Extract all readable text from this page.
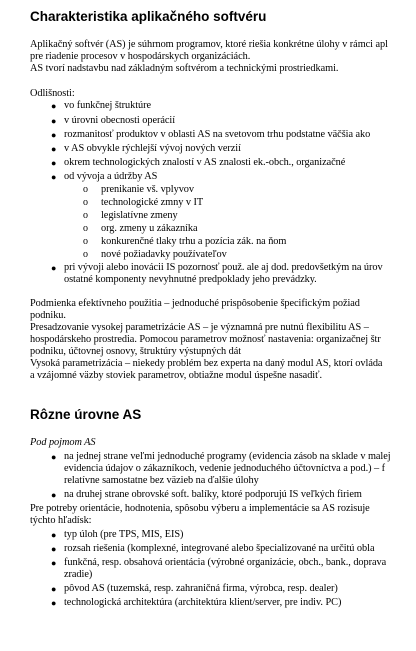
Charakteristika aplikačného softvéru
Aplikačný softvér (AS) je súhrnom programov, ktoré riešia konkrétne úlohy v rámci apl
pre riadenie procesov v hospodárskych organizáciách.
AS tvorí nadstavbu nad základným softvérom a technickými prostriedkami.
Odlišnosti:
● vo funkčnej štruktúre
● v úrovni obecnosti operácií
● rozmanitosť produktov v oblasti AS na svetovom trhu podstatne väčšia ako
● v AS obvykle rýchlejší vývoj nových verzií
● okrem technologických znalostí v AS znalosti ek.-obch., organizačné
● od vývoja a údržby AS
o prenikanie vš. vplyvov
o technologické zmny v IT
o legislatívne zmeny
o org. zmeny u zákazníka
o konkurenčné tlaky trhu a pozícia zák. na ňom
o nové požiadavky používateľov
● pri vývoji alebo inovácii IS pozornosť použ. ale aj dod. predovšetkým na úrov
ostatné komponenty nevyhnutné predpoklady jeho prevádzky.
Podmienka efektívneho použitia – jednoduché prispôsobenie špecifickým požiad
podniku.
Presadzovanie vysokej parametrizácie AS – je významná pre nutnú flexibilitu AS –
hospodárskeho prostredia. Pomocou parametrov možnosť nastavenia: organizačnej štr
podniku, účtovnej osnovy, štruktúry výstupných dát
Vysoká parametrizácia – niekedy problém bez experta na daný modul AS, ktorí ovláda
a vzájomné väzby stoviek parametrov, obtiažne modul úspešne nasadiť.
Rôzne úrovne AS
Pod pojmom AS
● na jednej strane veľmi jednoduché programy (evidencia zásob na sklade v malej
evidencia údajov o zákazníkoch, vedenie jednoduchého účtovníctva a pod.) – f
relatívne samostatne bez väzieb na ďalšie úlohy
● na druhej strane obrovské soft. balíky, ktoré podporujú IS veľkých firiem
Pre potreby orientácie, hodnotenia, spôsobu výberu a implementácie sa AS rozisuje
týchto hľadísk:
● typ úloh (pre TPS, MIS, EIS)
● rozsah riešenia (komplexné, integrované alebo špecializované na určitú obla
● funkčná, resp. obsahová orientácia (výrobné organizácie, obch., bank., doprava
zradie)
● pôvod AS (tuzemská, resp. zahraničná firma, výrobca, resp. dealer)
● technologická architektúra (architektúra klient/server, pre indiv. PC)
